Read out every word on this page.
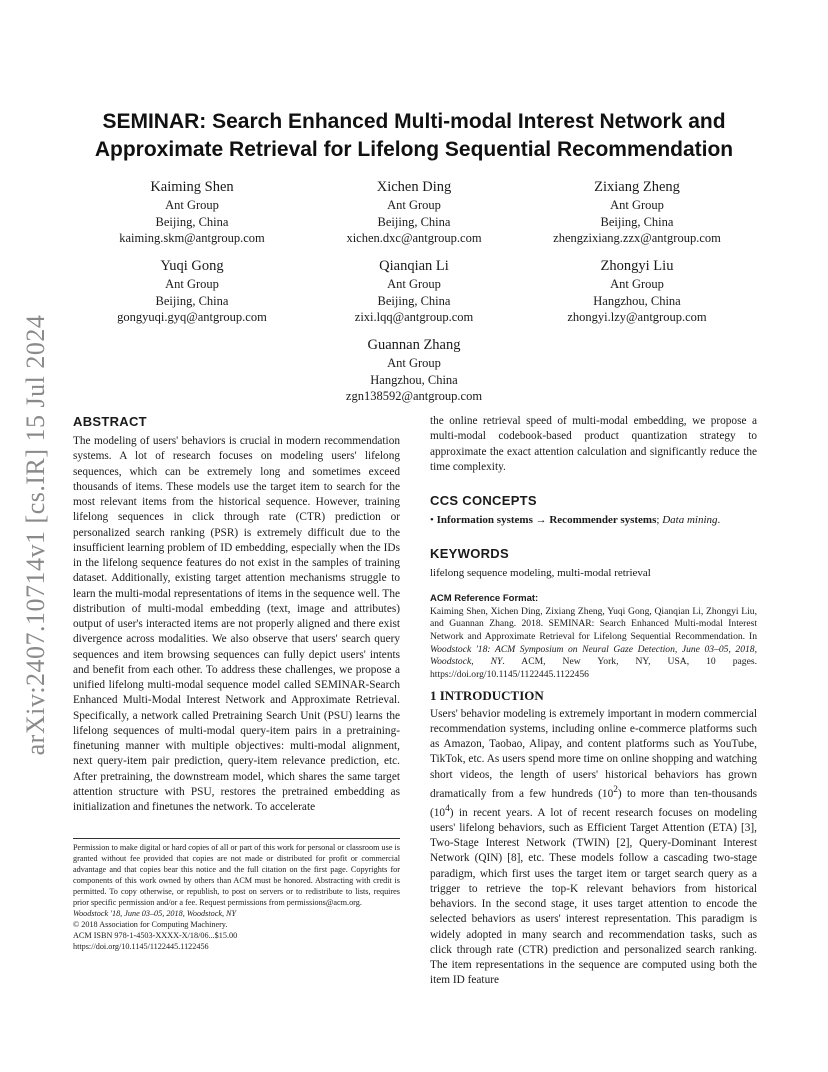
arXiv:2407.10714v1 [cs.IR] 15 Jul 2024
SEMINAR: Search Enhanced Multi-modal Interest Network and
Approximate Retrieval for Lifelong Sequential Recommendation
Kaiming Shen
Ant Group
Beijing, China
kaiming.skm@antgroup.com
Xichen Ding
Ant Group
Beijing, China
xichen.dxc@antgroup.com
Zixiang Zheng
Ant Group
Beijing, China
zhengzixiang.zzx@antgroup.com
Yuqi Gong
Ant Group
Beijing, China
gongyuqi.gyq@antgroup.com
Qianqian Li
Ant Group
Beijing, China
zixi.lqq@antgroup.com
Zhongyi Liu
Ant Group
Hangzhou, China
zhongyi.lzy@antgroup.com
Guannan Zhang
Ant Group
Hangzhou, China
zgn138592@antgroup.com
ABSTRACT

The modeling of users' behaviors is crucial in modern recommendation systems. A lot of research focuses on modeling users' lifelong sequences, which can be extremely long and sometimes exceed thousands of items. These models use the target item to search for the most relevant items from the historical sequence. However, training lifelong sequences in click through rate (CTR) prediction or personalized search ranking (PSR) is extremely difficult due to the insufficient learning problem of ID embedding, especially when the IDs in the lifelong sequence features do not exist in the samples of training dataset. Additionally, existing target attention mechanisms struggle to learn the multi-modal representations of items in the sequence well. The distribution of multi-modal embedding (text, image and attributes) output of user's interacted items are not properly aligned and there exist divergence across modalities. We also observe that users' search query sequences and item browsing sequences can fully depict users' intents and benefit from each other. To address these challenges, we propose a unified lifelong multi-modal sequence model called SEMINAR-Search Enhanced Multi-Modal Interest Network and Approximate Retrieval. Specifically, a network called Pretraining Search Unit (PSU) learns the lifelong sequences of multi-modal query-item pairs in a pretraining-finetuning manner with multiple objectives: multi-modal alignment, next query-item pair prediction, query-item relevance prediction, etc. After pretraining, the downstream model, which shares the same target attention structure with PSU, restores the pretrained embedding as initialization and finetunes the network. To accelerate

Permission to make digital or hard copies of all or part of this work for personal or classroom use is granted without fee provided that copies are not made or distributed for profit or commercial advantage and that copies bear this notice and the full citation on the first page. Copyrights for components of this work owned by others than ACM must be honored. Abstracting with credit is permitted. To copy otherwise, or republish, to post on servers or to redistribute to lists, requires prior specific permission and/or a fee. Request permissions from permissions@acm.org.

Woodstock '18, June 03–05, 2018, Woodstock, NY

© 2018 Association for Computing Machinery.

ACM ISBN 978-1-4503-XXXX-X/18/06...$15.00

https://doi.org/10.1145/1122445.1122456

the online retrieval speed of multi-modal embedding, we propose a multi-modal codebook-based product quantization strategy to approximate the exact attention calculation and significantly reduce the time complexity.

CCS CONCEPTS

• Information systems → Recommender systems; Data mining.

KEYWORDS

lifelong sequence modeling, multi-modal retrieval

ACM Reference Format:

Kaiming Shen, Xichen Ding, Zixiang Zheng, Yuqi Gong, Qianqian Li, Zhongyi Liu, and Guannan Zhang. 2018. SEMINAR: Search Enhanced Multi-modal Interest Network and Approximate Retrieval for Lifelong Sequential Recommendation. In Woodstock '18: ACM Symposium on Neural Gaze Detection, June 03–05, 2018, Woodstock, NY. ACM, New York, NY, USA, 10 pages. https://doi.org/10.1145/1122445.1122456

1 INTRODUCTION

Users' behavior modeling is extremely important in modern commercial recommendation systems, including online e-commerce platforms such as Amazon, Taobao, Alipay, and content platforms such as YouTube, TikTok, etc. As users spend more time on online shopping and watching short videos, the length of users' historical behaviors has grown dramatically from a few hundreds $(10^2)$ to more than ten-thousands $(10^4)$ in recent years. A lot of recent research focuses on modeling users' lifelong behaviors, such as Efficient Target Attention (ETA) [3], Two-Stage Interest Network (TWIN) [2], Query-Dominant Interest Network (QIN) [8], etc. These models follow a cascading two-stage paradigm, which first uses the target item or target search query as a trigger to retrieve the top-K relevant behaviors from historical behaviors. In the second stage, it uses target attention to encode the selected behaviors as users' interest representation. This paradigm is widely adopted in many search and recommendation tasks, such as click through rate (CTR) prediction and personalized search ranking. The item representations in the sequence are computed using both the item ID feature
